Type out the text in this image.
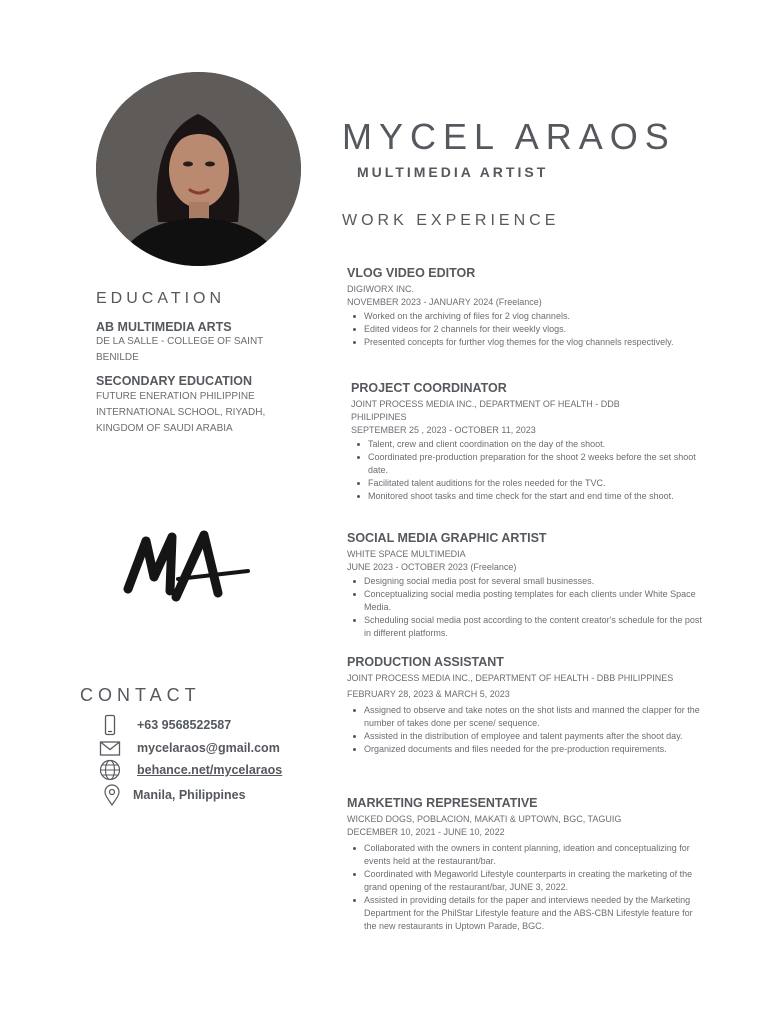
MYCEL ARAOS
MULTIMEDIA ARTIST
WORK EXPERIENCE
EDUCATION
AB MULTIMEDIA ARTS
DE LA SALLE - COLLEGE OF SAINT
BENILDE
SECONDARY EDUCATION
FUTURE ENERATION PHILIPPINE
INTERNATIONAL SCHOOL, RIYADH,
KINGDOM OF SAUDI ARABIA
CONTACT
+63 9568522587
mycelaraos@gmail.com
behance.net/mycelaraos
Manila, Philippines
VLOG VIDEO EDITOR
DIGIWORX INC.
NOVEMBER 2023 - JANUARY 2024 (Freelance)
Worked on the archiving of files for 2 vlog channels.
Edited videos for 2 channels for their weekly vlogs.
Presented concepts for further vlog themes for the vlog channels respectively.
PROJECT COORDINATOR
JOINT PROCESS MEDIA INC., DEPARTMENT OF HEALTH - DDB PHILIPPINES
SEPTEMBER 25 , 2023 - OCTOBER 11, 2023
Talent, crew and client coordination on the day of the shoot.
Coordinated pre-production preparation for the shoot 2 weeks before the set shoot date.
Facilitated talent auditions for the roles needed for the TVC.
Monitored shoot tasks and time check for the start and end time of the shoot.
SOCIAL MEDIA GRAPHIC ARTIST
WHITE SPACE MULTIMEDIA
JUNE 2023 - OCTOBER 2023 (Freelance)
Designing social media post for several small businesses.
Conceptualizing social media posting templates for each clients under White Space Media.
Scheduling social media post according to the content creator's schedule for the post in different platforms.
PRODUCTION ASSISTANT
JOINT PROCESS MEDIA INC., DEPARTMENT OF HEALTH - DBB PHILIPPINES
FEBRUARY 28, 2023 & MARCH 5, 2023
Assigned to observe and take notes on the shot lists and manned the clapper for the number of takes done per scene/ sequence.
Assisted in the distribution of employee and talent payments after the shoot day.
Organized documents and files needed for the pre-production requirements.
MARKETING REPRESENTATIVE
WICKED DOGS, POBLACION, MAKATI & UPTOWN, BGC, TAGUIG
DECEMBER 10, 2021 - JUNE 10, 2022
Collaborated with the owners in content planning, ideation and conceptualizing for events held at the restaurant/bar.
Coordinated with Megaworld Lifestyle counterparts in creating the marketing of the grand opening of the restaurant/bar, JUNE 3, 2022.
Assisted in providing details for the paper and interviews needed by the Marketing Department for the PhilStar Lifestyle feature and the ABS-CBN Lifestyle feature for the new restaurants in Uptown Parade, BGC.
